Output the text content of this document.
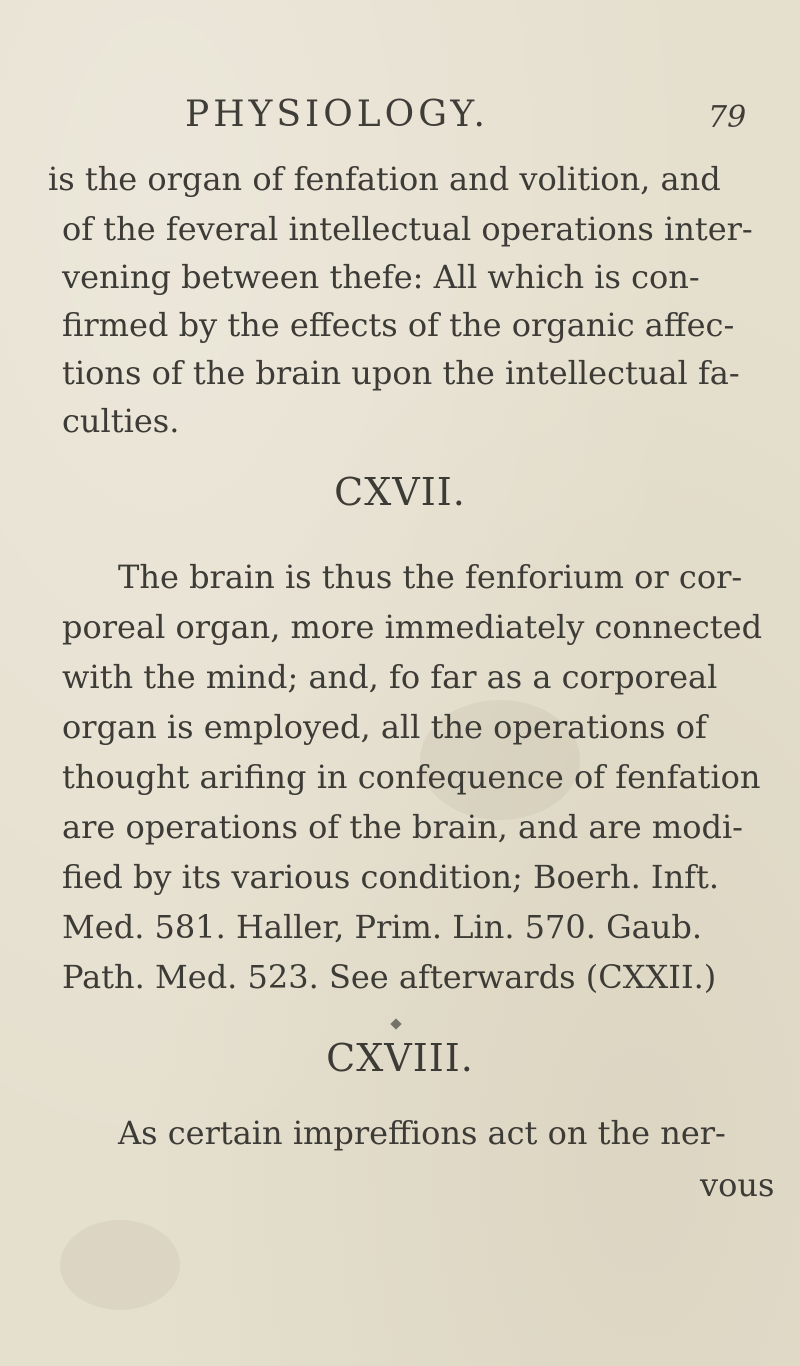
PHYSIOLOGY.	79
is the organ of fenfation and volition, and
of the feveral intellectual operations inter-
vening between thefe: All which is con-
firmed by the effects of the organic affec-
tions of the brain upon the intellectual fa-
culties.
CXVII.
The brain is thus the fenforium or cor-
poreal organ, more immediately connected
with the mind; and, fo far as a corporeal
organ is employed, all the operations of
thought arifing in confequence of fenfation
are operations of the brain, and are modi-
fied by its various condition; Boerh. Inft.
Med. 581. Haller, Prim. Lin. 570. Gaub.
Path. Med. 523. See afterwards (CXXII.)
CXVIII.
As certain impreffions act on the ner-
vous
